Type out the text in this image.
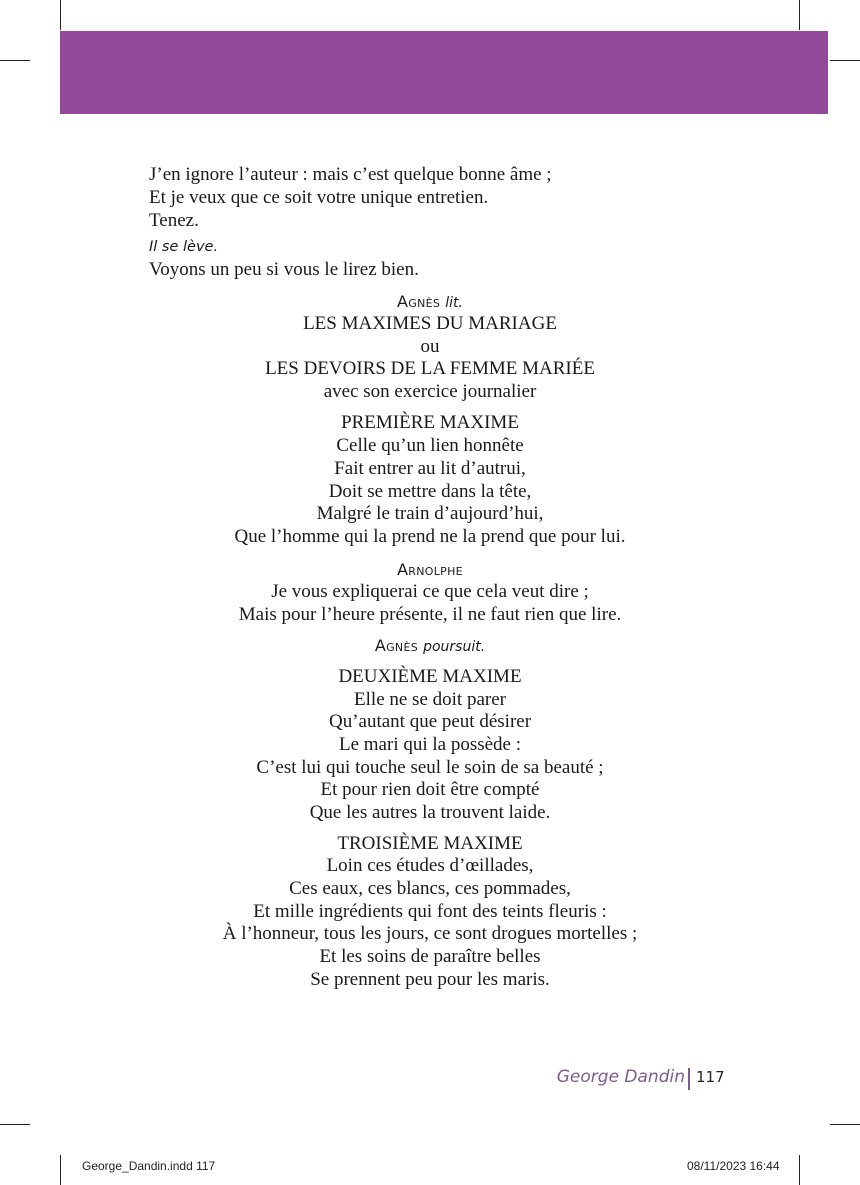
J’en ignore l’auteur : mais c’est quelque bonne âme ;
Et je veux que ce soit votre unique entretien.
Tenez.
Il se lève.
Voyons un peu si vous le lirez bien.
Agnès lit.
LES MAXIMES DU MARIAGE
ou
LES DEVOIRS DE LA FEMME MARIÉE
avec son exercice journalier
PREMIÈRE MAXIME
Celle qu’un lien honnête
Fait entrer au lit d’autrui,
Doit se mettre dans la tête,
Malgré le train d’aujourd’hui,
Que l’homme qui la prend ne la prend que pour lui.
Arnolphe
Je vous expliquerai ce que cela veut dire ;
Mais pour l’heure présente, il ne faut rien que lire.
Agnès poursuit.
DEUXIÈME MAXIME
Elle ne se doit parer
Qu’autant que peut désirer
Le mari qui la possède :
C’est lui qui touche seul le soin de sa beauté ;
Et pour rien doit être compté
Que les autres la trouvent laide.
TROISIÈME MAXIME
Loin ces études d’œillades,
Ces eaux, ces blancs, ces pommades,
Et mille ingrédients qui font des teints fleuris :
À l’honneur, tous les jours, ce sont drogues mortelles ;
Et les soins de paraître belles
Se prennent peu pour les maris.
George Dandin 117
George_Dandin.indd 117	08/11/2023 16:44
